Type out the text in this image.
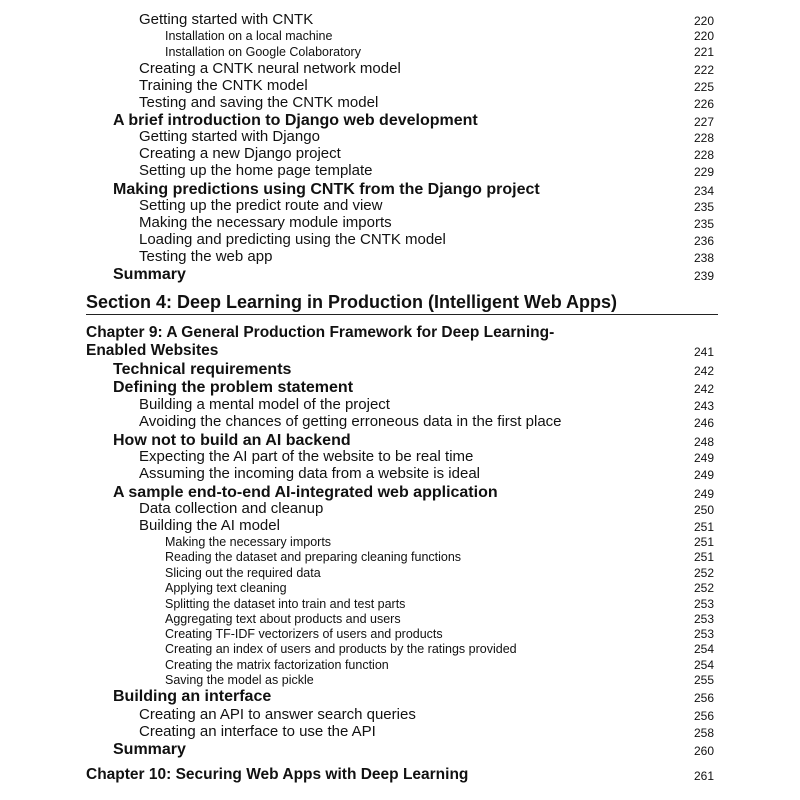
Getting started with CNTK	220
Installation on a local machine	220
Installation on Google Colaboratory	221
Creating a CNTK neural network model	222
Training the CNTK model	225
Testing and saving the CNTK model	226
A brief introduction to Django web development	227
Getting started with Django	228
Creating a new Django project	228
Setting up the home page template	229
Making predictions using CNTK from the Django project	234
Setting up the predict route and view	235
Making the necessary module imports	235
Loading and predicting using the CNTK model	236
Testing the web app	238
Summary	239
Section 4: Deep Learning in Production (Intelligent Web Apps)
Chapter 9: A General Production Framework for Deep Learning-
Enabled Websites	241
Technical requirements	242
Defining the problem statement	242
Building a mental model of the project	243
Avoiding the chances of getting erroneous data in the first place	246
How not to build an AI backend	248
Expecting the AI part of the website to be real time	249
Assuming the incoming data from a website is ideal	249
A sample end-to-end AI-integrated web application	249
Data collection and cleanup	250
Building the AI model	251
Making the necessary imports	251
Reading the dataset and preparing cleaning functions	251
Slicing out the required data	252
Applying text cleaning	252
Splitting the dataset into train and test parts	253
Aggregating text about products and users	253
Creating TF-IDF vectorizers of users and products	253
Creating an index of users and products by the ratings provided	254
Creating the matrix factorization function	254
Saving the model as pickle	255
Building an interface	256
Creating an API to answer search queries	256
Creating an interface to use the API	258
Summary	260
Chapter 10: Securing Web Apps with Deep Learning	261
